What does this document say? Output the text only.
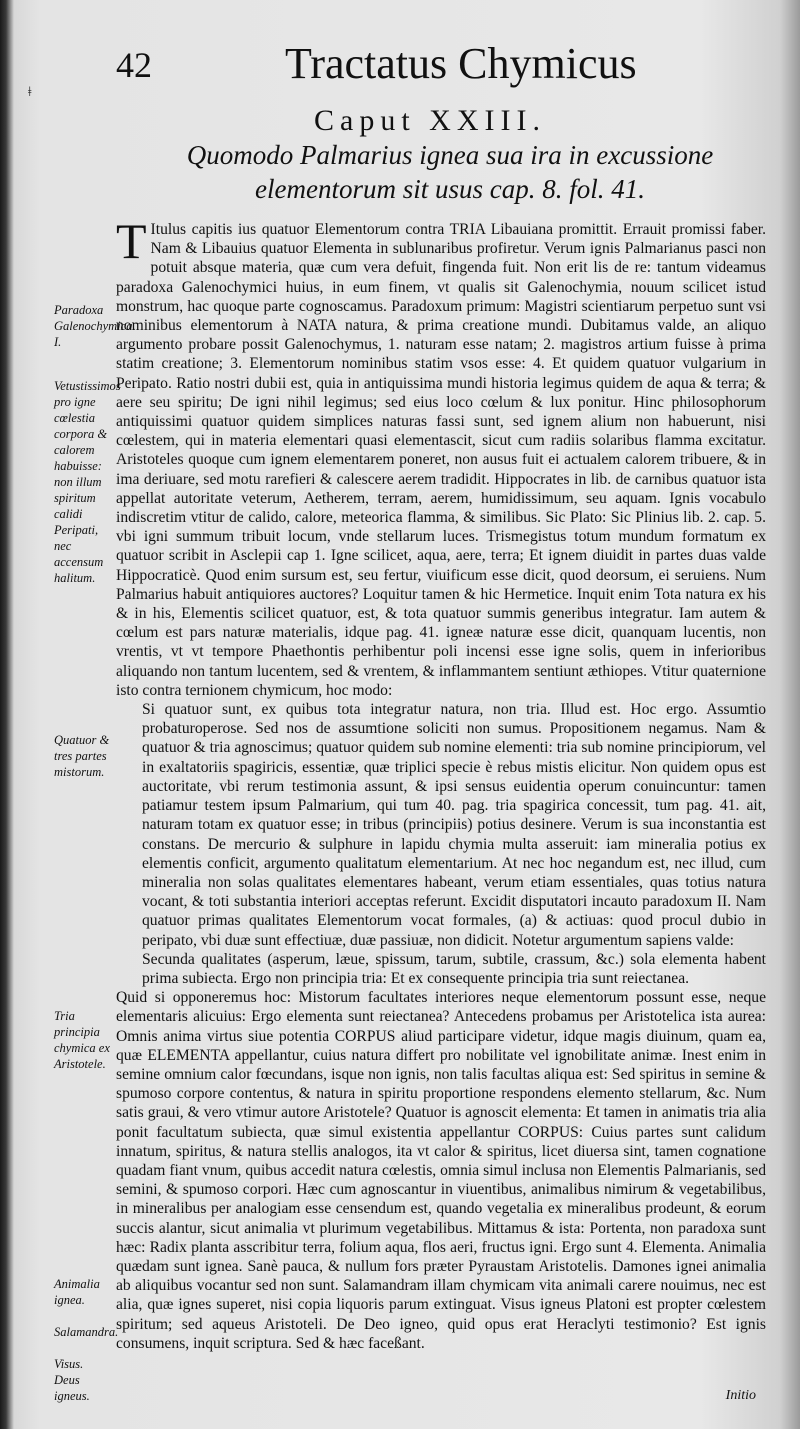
ǂ
42	Tractatus Chymicus
Caput XXIII.
Quomodo Palmarius ignea sua ira in excussione elementorum sit usus cap. 8. fol. 41.
Paradoxa Galenochymica. I.
Vetustissimos pro igne cœlestia corpora & calorem habuisse: non illum spiritum calidi Peripati, nec accensum halitum.
Quatuor & tres partes mistorum.
Tria principia chymica ex Aristotele.
Animalia ignea.
Salamandra.
Visus.
Deus igneus.

T Itulus capitis ius quatuor Elementorum contra TRIA Libauiana promittit. Errauit promissi faber. Nam & Libauius quatuor Elementa in sublunaribus profiretur. Verum ignis Palmarianus pasci non potuit absque materia, quæ cum vera defuit, fingenda fuit. Non erit lis de re: tantum videamus paradoxa Galenochymici huius, in eum finem, vt qualis sit Galenochymia, nouum scilicet istud monstrum, hac quoque parte cognoscamus. Paradoxum primum: Magistri scientiarum perpetuo sunt vsi nominibus elementorum à NATA natura, & prima creatione mundi. Dubitamus valde, an aliquo argumento probare possit Galenochymus, 1. naturam esse natam; 2. magistros artium fuisse à prima statim creatione; 3. Elementorum nominibus statim vsos esse: 4. Et quidem quatuor vulgarium in Peripato. Ratio nostri dubii est, quia in antiquissima mundi historia legimus quidem de aqua & terra; & aere seu spiritu; De igni nihil legimus; sed eius loco cœlum & lux ponitur. Hinc philosophorum antiquissimi quatuor quidem simplices naturas fassi sunt, sed ignem alium non habuerunt, nisi cœlestem, qui in materia elementari quasi elementascit, sicut cum radiis solaribus flamma excitatur. Aristoteles quoque cum ignem elementarem poneret, non ausus fuit ei actualem calorem tribuere, & in ima deriuare, sed motu rarefieri & calescere aerem tradidit. Hippocrates in lib. de carnibus quatuor ista appellat autoritate veterum, Aetherem, terram, aerem, humidissimum, seu aquam. Ignis vocabulo indiscretim vtitur de calido, calore, meteorica flamma, & similibus. Sic Plato: Sic Plinius lib. 2. cap. 5. vbi igni summum tribuit locum, vnde stellarum luces. Trismegistus totum mundum formatum ex quatuor scribit in Asclepii cap 1. Igne scilicet, aqua, aere, terra; Et ignem diuidit in partes duas valde Hippocraticè. Quod enim sursum est, seu fertur, viuificum esse dicit, quod deorsum, ei seruiens. Num Palmarius habuit antiquiores auctores? Loquitur tamen & hic Hermetice. Inquit enim Tota natura ex his & in his, Elementis scilicet quatuor, est, & tota quatuor summis generibus integratur. Iam autem & cœlum est pars naturæ materialis, idque pag. 41. igneæ naturæ esse dicit, quanquam lucentis, non vrentis, vt vt tempore Phaethontis perhibentur poli incensi esse igne solis, quem in inferioribus aliquando non tantum lucentem, sed & vrentem, & inflammantem sentiunt æthiopes. Vtitur quaternione isto contra ternionem chymicum, hoc modo:

Si quatuor sunt, ex quibus tota integratur natura, non tria. Illud est. Hoc ergo. Assumtio probaturoperose. Sed nos de assumtione soliciti non sumus. Propositionem negamus. Nam & quatuor & tria agnoscimus; quatuor quidem sub nomine elementi: tria sub nomine principiorum, vel in exaltatoriis spagiricis, essentiæ, quæ triplici specie è rebus mistis elicitur. Non quidem opus est auctoritate, vbi rerum testimonia assunt, & ipsi sensus euidentia operum conuincuntur: tamen patiamur testem ipsum Palmarium, qui tum 40. pag. tria spagirica concessit, tum pag. 41. ait, naturam totam ex quatuor esse; in tribus (principiis) potius desinere. Verum is sua inconstantia est constans. De mercurio & sulphure in lapidu chymia multa asseruit: iam mineralia potius ex elementis conficit, argumento qualitatum elementarium. At nec hoc negandum est, nec illud, cum mineralia non solas qualitates elementares habeant, verum etiam essentiales, quas totius natura vocant, & toti substantia interiori acceptas referunt. Excidit disputatori incauto paradoxum II. Nam quatuor primas qualitates Elementorum vocat formales, (a) & actiuas: quod procul dubio in peripato, vbi duæ sunt effectiuæ, duæ passiuæ, non didicit. Notetur argumentum sapiens valde:

Secunda qualitates (asperum, læue, spissum, tarum, subtile, crassum, &c.) sola elementa habent prima subiecta. Ergo non principia tria: Et ex consequente principia tria sunt reiectanea.

Quid si opponeremus hoc: Mistorum facultates interiores neque elementorum possunt esse, neque elementaris alicuius: Ergo elementa sunt reiectanea? Antecedens probamus per Aristotelica ista aurea: Omnis anima virtus siue potentia CORPUS aliud participare videtur, idque magis diuinum, quam ea, quæ ELEMENTA appellantur, cuius natura differt pro nobilitate vel ignobilitate animæ. Inest enim in semine omnium calor fœcundans, isque non ignis, non talis facultas aliqua est: Sed spiritus in semine & spumoso corpore contentus, & natura in spiritu proportione respondens elemento stellarum, &c. Num satis graui, & vero vtimur autore Aristotele? Quatuor is agnoscit elementa: Et tamen in animatis tria alia ponit facultatum subiecta, quæ simul existentia appellantur CORPUS: Cuius partes sunt calidum innatum, spiritus, & natura stellis analogos, ita vt calor & spiritus, licet diuersa sint, tamen cognatione quadam fiant vnum, quibus accedit natura cœlestis, omnia simul inclusa non Elementis Palmarianis, sed semini, & spumoso corpori. Hæc cum agnoscantur in viuentibus, animalibus nimirum & vegetabilibus, in mineralibus per analogiam esse censendum est, quando vegetalia ex mineralibus prodeunt, & eorum succis alantur, sicut animalia vt plurimum vegetabilibus. Mittamus & ista: Portenta, non paradoxa sunt hæc: Radix planta asscribitur terra, folium aqua, flos aeri, fructus igni. Ergo sunt 4. Elementa. Animalia quædam sunt ignea. Sanè pauca, & nullum fors præter Pyraustam Aristotelis. Damones ignei animalia ab aliquibus vocantur sed non sunt. Salamandram illam chymicam vita animali carere nouimus, nec est alia, quæ ignes superet, nisi copia liquoris parum extinguat. Visus igneus Platoni est propter cœlestem spiritum; sed aqueus Aristoteli. De Deo igneo, quid opus erat Heraclyti testimonio? Est ignis consumens, inquit scriptura. Sed & hæc faceßant.

Initio
